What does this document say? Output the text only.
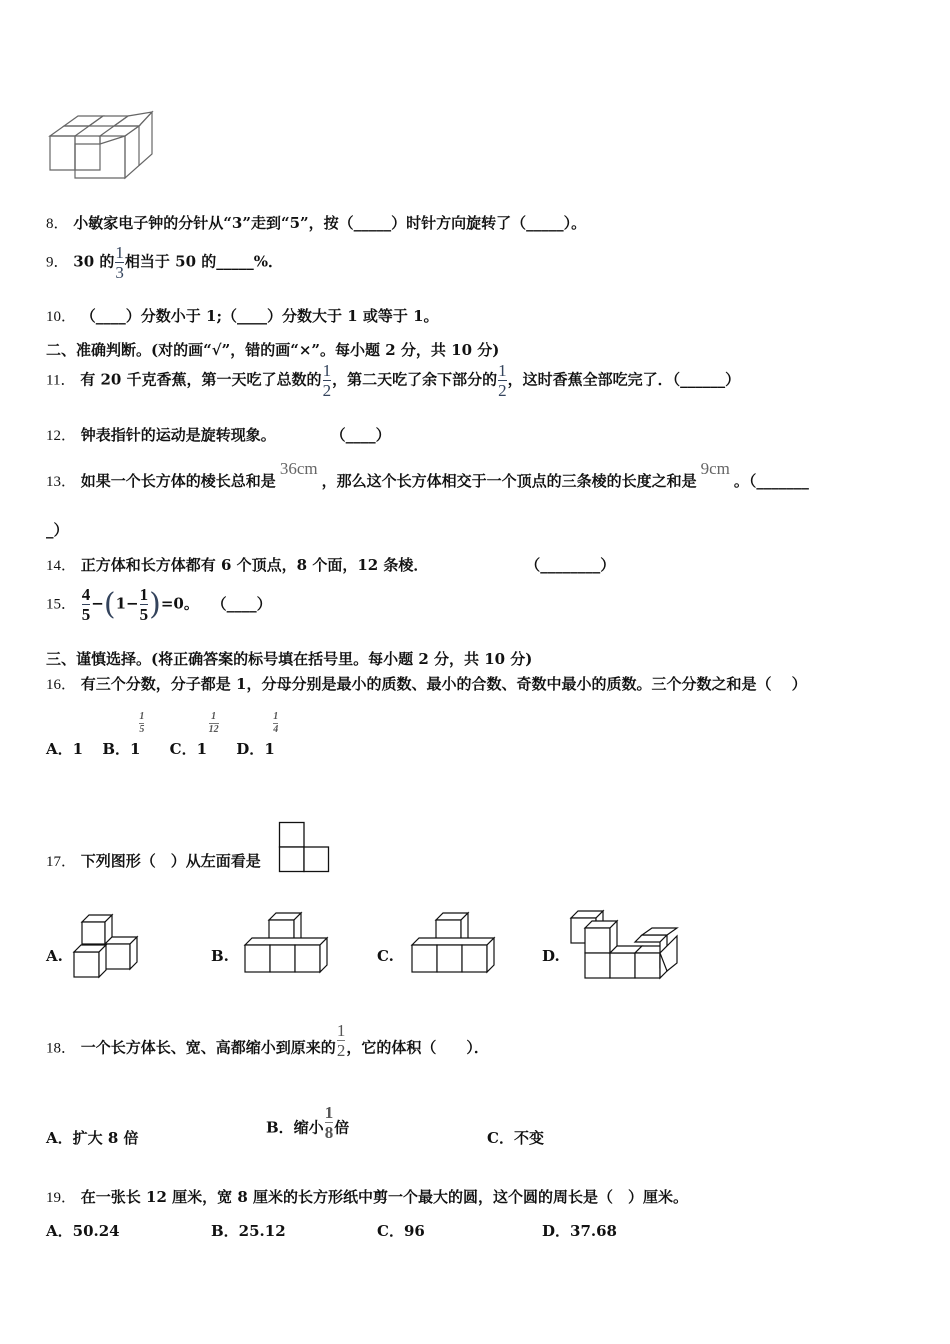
8． 小敏家电子钟的分针从“3”走到“5”，按（_____）时针方向旋转了（_____）。
9． 30 的 $\frac{1}{3}$ 相当于 50 的_____%．
10． （____）分数小于 1;（____）分数大于 1 或等于 1。
二、准确判断。(对的画“√”，错的画“×”。每小题 2 分，共 10 分)
11． 有 20 千克香蕉，第一天吃了总数的 $\frac{1}{2}$ ，第二天吃了余下部分的 $\frac{1}{2}$ ，这时香蕉全部吃完了．（______）
12． 钟表指针的运动是旋转现象。	（____）
13． 如果一个长方体的棱长总和是36cm，那么这个长方体相交于一个顶点的三条棱的长度之和是9cm。（_______
_）
14． 正方体和长方体都有 6 个顶点，8 个面，12 条棱．	（________）
15． $\frac{4}{5} -(1- \frac{1}{5} )=0$。 （____）
三、谨慎选择。(将正确答案的标号填在括号里。每小题 2 分，共 10 分)
16． 有三个分数，分子都是 1，分母分别是最小的质数、最小的合数、奇数中最小的质数。三个分数之和是（　 ）
A．1 B．1
1
5
C．1
1
12
D．1
1
4
17． 下列图形（　）从左面看是
A.	B.	C.	D.
18． 一个长方体长、宽、高都缩小到原来的 $\frac{1}{2}$ ，它的体积（　　）．
A．扩大 8 倍
B．缩小 $\frac{1}{8}$ 倍
C．不变
19． 在一张长 12 厘米，宽 8 厘米的长方形纸中剪一个最大的圆，这个圆的周长是（　）厘米。
A．50.24	B．25.12	C．96	D．37.68
